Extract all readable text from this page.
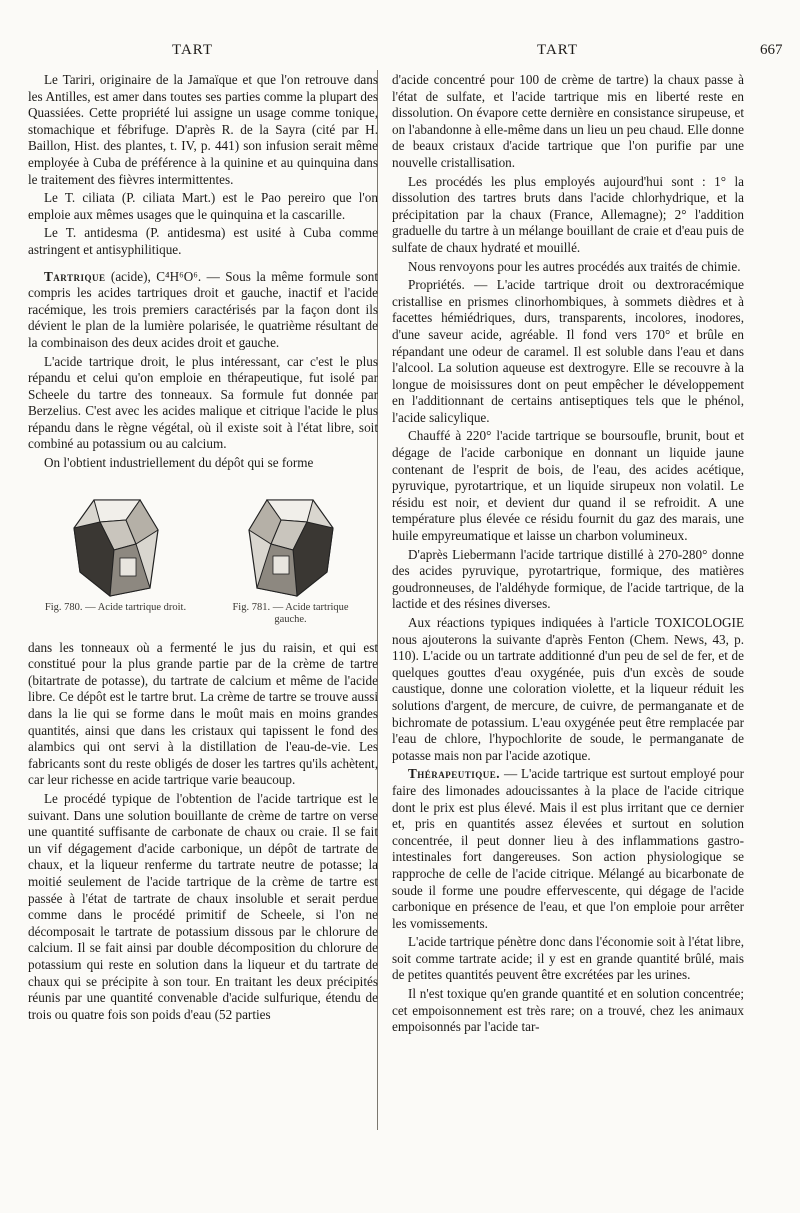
TART	TART	667

Le Tariri, originaire de la Jamaïque et que l'on retrouve dans les Antilles, est amer dans toutes ses parties comme la plupart des Quassiées. Cette propriété lui assigne un usage comme tonique, stomachique et fébrifuge. D'après R. de la Sayra (cité par H. Baillon, Hist. des plantes, t. IV, p. 441) son infusion serait même employée à Cuba de préférence à la quinine et au quinquina dans le traitement des fièvres intermittentes.

Le T. ciliata (P. ciliata Mart.) est le Pao pereiro que l'on emploie aux mêmes usages que le quinquina et la cascarille.

Le T. antidesma (P. antidesma) est usité à Cuba comme astringent et antisyphilitique.

Tartrique (acide), C⁴H⁶O⁶. — Sous la même formule sont compris les acides tartriques droit et gauche, inactif et l'acide racémique, les trois premiers caractérisés par la façon dont ils dévient le plan de la lumière polarisée, le quatrième résultant de la combinaison des deux acides droit et gauche.

L'acide tartrique droit, le plus intéressant, car c'est le plus répandu et celui qu'on emploie en thérapeutique, fut isolé par Scheele du tartre des tonneaux. Sa formule fut donnée par Berzelius. C'est avec les acides malique et citrique l'acide le plus répandu dans le règne végétal, où il existe soit à l'état libre, soit combiné au potassium ou au calcium.

On l'obtient industriellement du dépôt qui se forme

Fig. 780. — Acide tartrique droit.	Fig. 781. — Acide tartrique gauche.

dans les tonneaux où a fermenté le jus du raisin, et qui est constitué pour la plus grande partie par de la crème de tartre (bitartrate de potasse), du tartrate de calcium et même de l'acide libre. Ce dépôt est le tartre brut. La crème de tartre se trouve aussi dans la lie qui se forme dans le moût mais en moins grandes quantités, ainsi que dans les cristaux qui tapissent le fond des alambics qui ont servi à la distillation de l'eau-de-vie. Les fabricants sont du reste obligés de doser les tartres qu'ils achètent, car leur richesse en acide tartrique varie beaucoup.

Le procédé typique de l'obtention de l'acide tartrique est le suivant. Dans une solution bouillante de crème de tartre on verse une quantité suffisante de carbonate de chaux ou craie. Il se fait un vif dégagement d'acide carbonique, un dépôt de tartrate de chaux, et la liqueur renferme du tartrate neutre de potasse; la moitié seulement de l'acide tartrique de la crème de tartre est passée à l'état de tartrate de chaux insoluble et serait perdue comme dans le procédé primitif de Scheele, si l'on ne décomposait le tartrate de potassium dissous par le chlorure de calcium. Il se fait ainsi par double décomposition du chlorure de potassium qui reste en solution dans la liqueur et du tartrate de chaux qui se précipite à son tour. En traitant les deux précipités réunis par une quantité convenable d'acide sulfurique, étendu de trois ou quatre fois son poids d'eau (52 parties

d'acide concentré pour 100 de crème de tartre) la chaux passe à l'état de sulfate, et l'acide tartrique mis en liberté reste en dissolution. On évapore cette dernière en consistance sirupeuse, et on l'abandonne à elle-même dans un lieu un peu chaud. Elle donne de beaux cristaux d'acide tartrique que l'on purifie par une nouvelle cristallisation.

Les procédés les plus employés aujourd'hui sont : 1° la dissolution des tartres bruts dans l'acide chlorhydrique, et la précipitation par la chaux (France, Allemagne); 2° l'addition graduelle du tartre à un mélange bouillant de craie et d'eau puis de sulfate de chaux hydraté et mouillé.

Nous renvoyons pour les autres procédés aux traités de chimie.

Propriétés. — L'acide tartrique droit ou dextroracémique cristallise en prismes clinorhombiques, à sommets dièdres et à facettes hémiédriques, durs, transparents, incolores, inodores, d'une saveur acide, agréable. Il fond vers 170° et brûle en répandant une odeur de caramel. Il est soluble dans l'eau et dans l'alcool. La solution aqueuse est dextrogyre. Elle se recouvre à la longue de moisissures dont on peut empêcher le développement en l'additionnant de certains antiseptiques tels que le phénol, l'acide salicylique.

Chauffé à 220° l'acide tartrique se boursoufle, brunit, bout et dégage de l'acide carbonique en donnant un liquide jaune contenant de l'esprit de bois, de l'eau, des acides acétique, pyruvique, pyrotartrique, et un liquide sirupeux non volatil. Le résidu est noir, et devient dur quand il se refroidit. A une température plus élevée ce résidu fournit du gaz des marais, une huile empyreumatique et laisse un charbon volumineux.

D'après Liebermann l'acide tartrique distillé à 270-280° donne des acides pyruvique, pyrotartrique, formique, des matières goudronneuses, de l'aldéhyde formique, de l'acide tartrique, de la lactide et des résines diverses.

Aux réactions typiques indiquées à l'article TOXICOLOGIE nous ajouterons la suivante d'après Fenton (Chem. News, 43, p. 110). L'acide ou un tartrate additionné d'un peu de sel de fer, et de quelques gouttes d'eau oxygénée, puis d'un excès de soude caustique, donne une coloration violette, et la liqueur réduit les solutions d'argent, de mercure, de cuivre, de permanganate et de bichromate de potassium. L'eau oxygénée peut être remplacée par l'eau de chlore, l'hypochlorite de soude, le permanganate de potasse mais non par l'acide azotique.

Thérapeutique. — L'acide tartrique est surtout employé pour faire des limonades adoucissantes à la place de l'acide citrique dont le prix est plus élevé. Mais il est plus irritant que ce dernier et, pris en quantités assez élevées et surtout en solution concentrée, il peut donner lieu à des inflammations gastro-intestinales fort dangereuses. Son action physiologique se rapproche de celle de l'acide citrique. Mélangé au bicarbonate de soude il forme une poudre effervescente, qui dégage de l'acide carbonique en présence de l'eau, et que l'on emploie pour arrêter les vomissements.

L'acide tartrique pénètre donc dans l'économie soit à l'état libre, soit comme tartrate acide; il y est en grande quantité brûlé, mais de petites quantités peuvent être excrétées par les urines.

Il n'est toxique qu'en grande quantité et en solution concentrée; cet empoisonnement est très rare; on a trouvé, chez les animaux empoisonnés par l'acide tar-
